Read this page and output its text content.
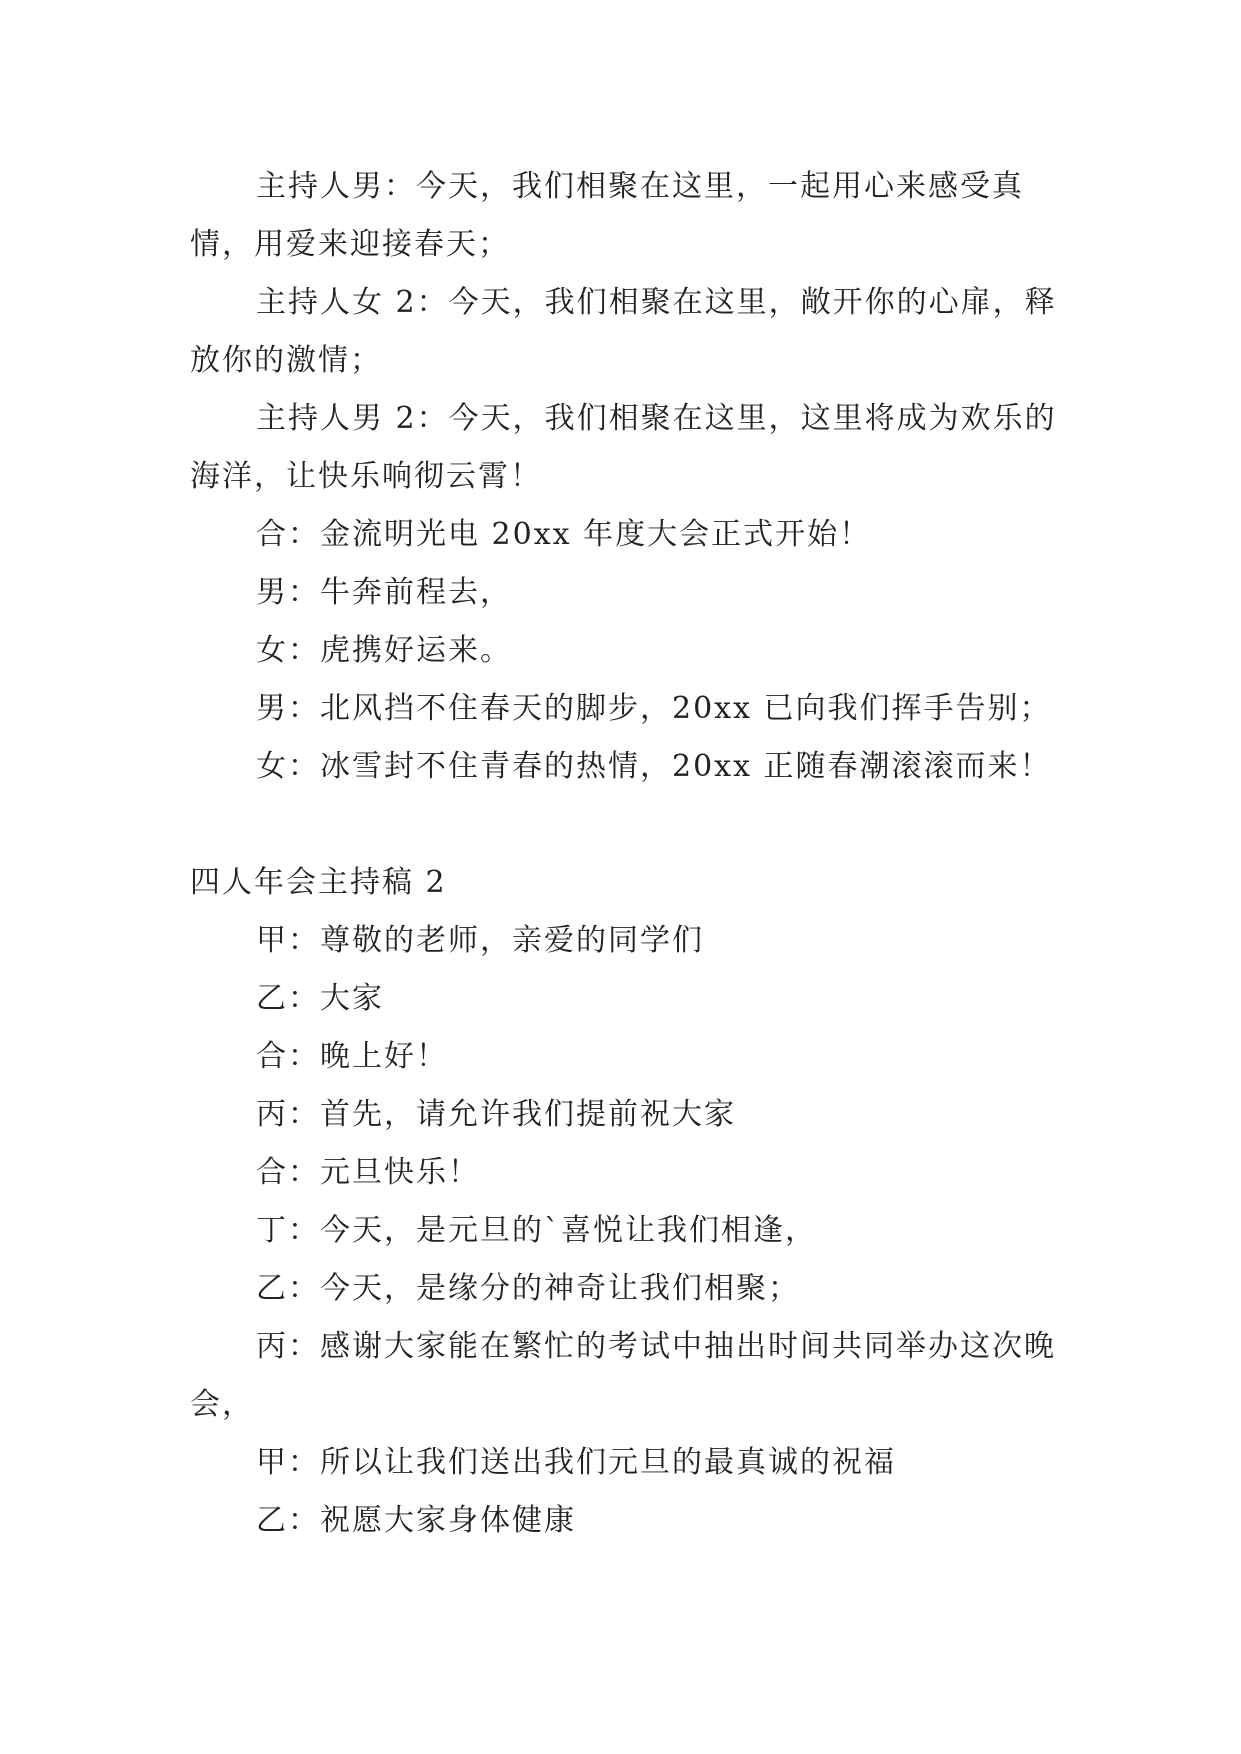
主持人男：今天，我们相聚在这里，一起用心来感受真情，用爱来迎接春天；

主持人女 2：今天，我们相聚在这里，敞开你的心扉，释放你的激情；

主持人男 2：今天，我们相聚在这里，这里将成为欢乐的海洋，让快乐响彻云霄！

合：金流明光电 20xx 年度大会正式开始！

男：牛奔前程去，

女：虎携好运来。

男：北风挡不住春天的脚步，20xx 已向我们挥手告别；

女：冰雪封不住青春的热情，20xx 正随春潮滚滚而来！

四人年会主持稿 2

甲：尊敬的老师，亲爱的同学们

乙：大家

合：晚上好！

丙：首先，请允许我们提前祝大家

合：元旦快乐！

丁：今天，是元旦的`喜悦让我们相逢，

乙：今天，是缘分的神奇让我们相聚；

丙：感谢大家能在繁忙的考试中抽出时间共同举办这次晚会，

甲：所以让我们送出我们元旦的最真诚的祝福

乙：祝愿大家身体健康
